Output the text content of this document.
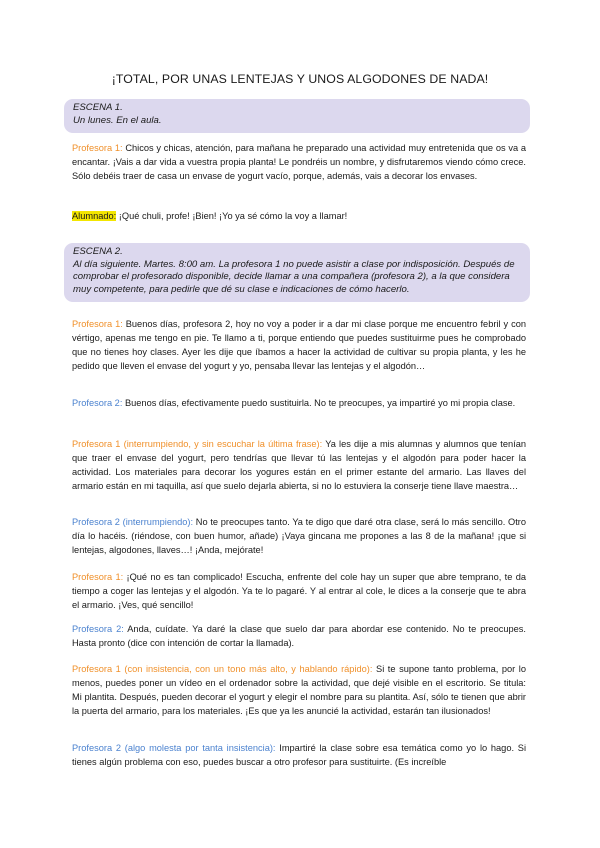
¡TOTAL, POR UNAS LENTEJAS Y UNOS ALGODONES DE NADA!
ESCENA 1.
Un lunes. En el aula.
Profesora 1: Chicos y chicas, atención, para mañana he preparado una actividad muy entretenida que os va a encantar. ¡Vais a dar vida a vuestra propia planta! Le pondréis un nombre, y disfrutaremos viendo cómo crece. Sólo debéis traer de casa un envase de yogurt vacío, porque, además, vais a decorar los envases.
Alumnado: ¡Qué chuli, profe! ¡Bien! ¡Yo ya sé cómo la voy a llamar!
ESCENA 2.
Al día siguiente. Martes. 8:00 am. La profesora 1 no puede asistir a clase por indisposición. Después de comprobar el profesorado disponible, decide llamar a una compañera (profesora 2), a la que considera muy competente, para pedirle que dé su clase e indicaciones de cómo hacerlo.
Profesora 1: Buenos días, profesora 2, hoy no voy a poder ir a dar mi clase porque me encuentro febril y con vértigo, apenas me tengo en pie. Te llamo a ti, porque entiendo que puedes sustituirme pues he comprobado que no tienes hoy clases. Ayer les dije que íbamos a hacer la actividad de cultivar su propia planta, y les he pedido que lleven el envase del yogurt y yo, pensaba llevar las lentejas y el algodón…
Profesora 2: Buenos días, efectivamente puedo sustituirla. No te preocupes, ya impartiré yo mi propia clase.
Profesora 1 (interrumpiendo, y sin escuchar la última frase): Ya les dije a mis alumnas y alumnos que tenían que traer el envase del yogurt, pero tendrías que llevar tú las lentejas y el algodón para poder hacer la actividad. Los materiales para decorar los yogures están en el primer estante del armario. Las llaves del armario están en mi taquilla, así que suelo dejarla abierta, si no lo estuviera la conserje tiene llave maestra…
Profesora 2 (interrumpiendo): No te preocupes tanto. Ya te digo que daré otra clase, será lo más sencillo. Otro día lo hacéis. (riéndose, con buen humor, añade) ¡Vaya gincana me propones a las 8 de la mañana! ¡que si lentejas, algodones, llaves…! ¡Anda, mejórate!
Profesora 1: ¡Qué no es tan complicado! Escucha, enfrente del cole hay un super que abre temprano, te da tiempo a coger las lentejas y el algodón. Ya te lo pagaré. Y al entrar al cole, le dices a la conserje que te abra el armario. ¡Ves, qué sencillo!
Profesora 2: Anda, cuídate. Ya daré la clase que suelo dar para abordar ese contenido. No te preocupes. Hasta pronto (dice con intención de cortar la llamada).
Profesora 1 (con insistencia, con un tono más alto, y hablando rápido): Si te supone tanto problema, por lo menos, puedes poner un vídeo en el ordenador sobre la actividad, que dejé visible en el escritorio. Se titula: Mi plantita. Después, pueden decorar el yogurt y elegir el nombre para su plantita. Así, sólo te tienen que abrir la puerta del armario, para los materiales. ¡Es que ya les anuncié la actividad, estarán tan ilusionados!
Profesora 2 (algo molesta por tanta insistencia): Impartiré la clase sobre esa temática como yo lo hago. Si tienes algún problema con eso, puedes buscar a otro profesor para sustituirte. (Es increíble
